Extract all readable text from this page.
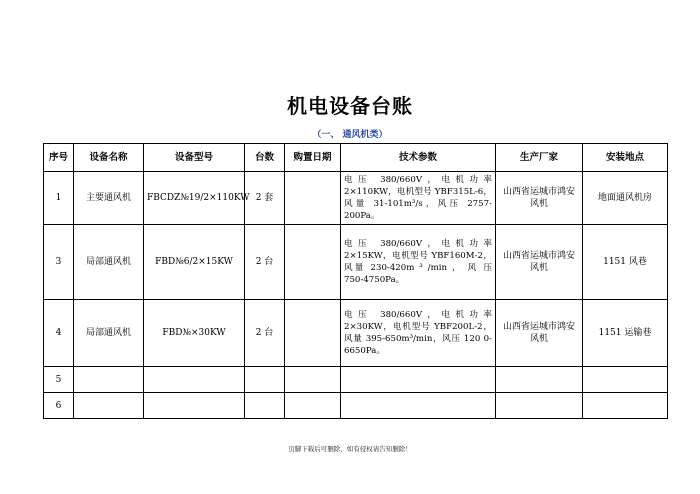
机电设备台账
（一、 通风机类）
序号	设备名称	设备型号	台数	购置日期	技术参数	生产厂家	安装地点
1	主要通风机	FBCDZ№19/2×110KW	2 套		电压 380/660V，电机功率 2×110KW，电机型号 YBF315L-6，风量 31-101m³/s，风压 2757-200Pa。	山西省运城市鸿安风机	地面通风机房
3	局部通风机	FBD№6/2×15KW	2 台		电压 380/660V，电机功率 2×15KW，电机型号 YBF160M-2，风量 230-420m ³ /min ， 风 压 750-4750Pa。	山西省运城市鸿安风机	1151 风巷
4	局部通风机	FBD№×30KW	2 台		电压 380/660V，电机功率 2×30KW，电机型号 YBF200L-2，风量 395-650m³/min，风压 120 0-6650Pa。	山西省运城市鸿安风机	1151 运输巷
5							
6							
页脚下载后可删除，如有侵权请告知删除！
